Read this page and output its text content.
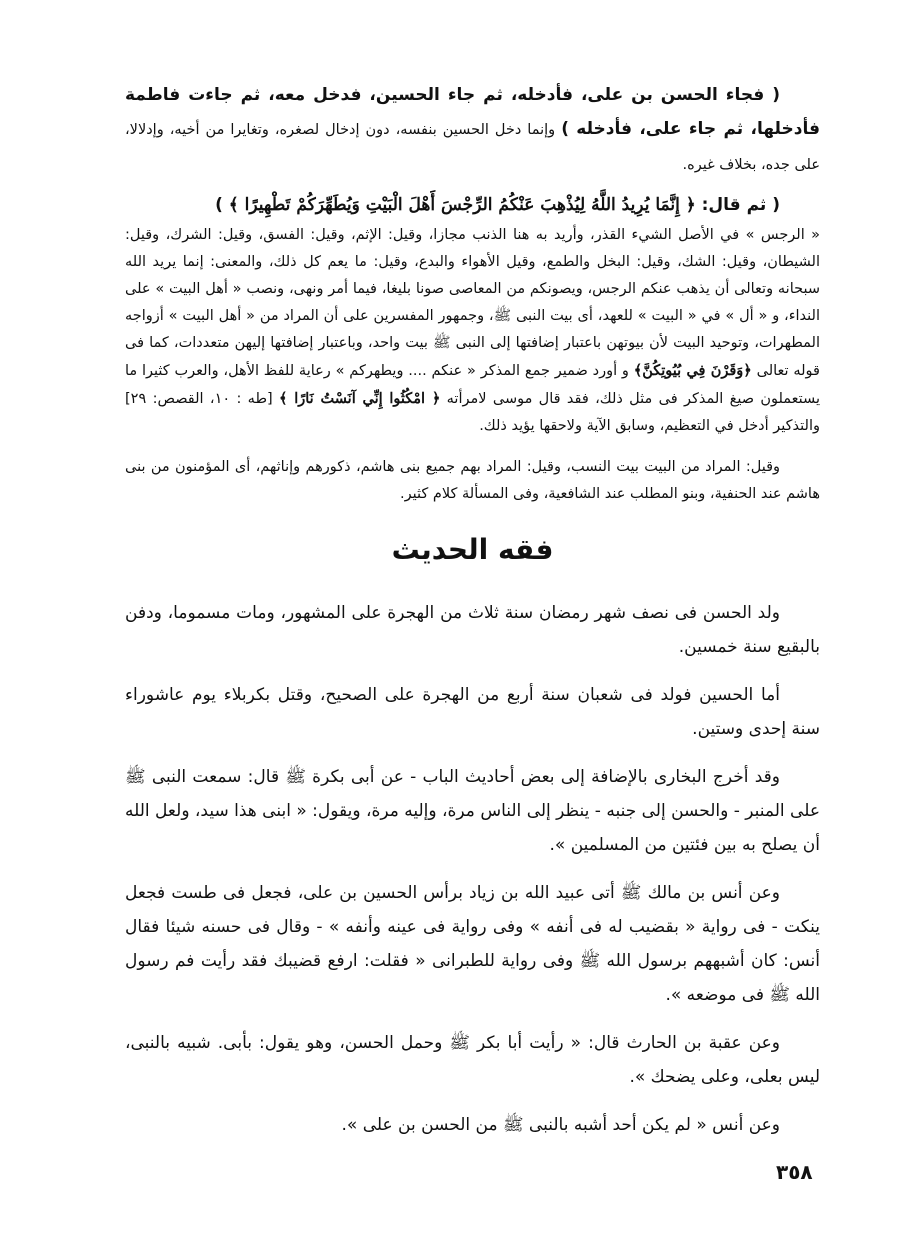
( فجاء الحسن بن على، فأدخله، ثم جاء الحسين، فدخل معه، ثم جاءت فاطمة فأدخلها، ثم جاء على، فأدخله ) وإنما دخل الحسين بنفسه، دون إدخال لصغره، وتغايرا من أخيه، وإدلالا، على جده، بخلاف غيره.

( ثم قال: ﴿ إِنَّمَا يُرِيدُ اللَّهُ لِيُذْهِبَ عَنْكُمُ الرِّجْسَ أَهْلَ الْبَيْتِ وَيُطَهِّرَكُمْ تَطْهِيرًا ﴾ )

« الرجس » في الأصل الشيء القذر، وأريد به هنا الذنب مجازا، وقيل: الإثم، وقيل: الفسق، وقيل: الشرك، وقيل: الشيطان، وقيل: الشك، وقيل: البخل والطمع، وقيل الأهواء والبدع، وقيل: ما يعم كل ذلك، والمعنى: إنما يريد الله سبحانه وتعالى أن يذهب عنكم الرجس، ويصونكم من المعاصى صونا بليغا، فيما أمر ونهى، ونصب « أهل البيت » على النداء، و « أل » في « البيت » للعهد، أى بيت النبى ﷺ، وجمهور المفسرين على أن المراد من « أهل البيت » أزواجه المطهرات، وتوحيد البيت لأن بيوتهن باعتبار إضافتها إلى النبى ﷺ بيت واحد، وباعتبار إضافتها إليهن متعددات، كما فى قوله تعالى ﴿وَقَرْنَ فِي بُيُوتِكُنَّ﴾ و أورد ضمير جمع المذكر « عنكم .... ويطهركم » رعاية للفظ الأهل، والعرب كثيرا ما يستعملون صيغ المذكر فى مثل ذلك، فقد قال موسى لامرأته ﴿ امْكُثُوا إِنِّي آنَسْتُ نَارًا ﴾ [طه : ١٠، القصص: ٢٩] والتذكير أدخل في التعظيم، وسابق الآية ولاحقها يؤيد ذلك.

وقيل: المراد من البيت بيت النسب، وقيل: المراد بهم جميع بنى هاشم، ذكورهم وإناثهم، أى المؤمنون من بنى هاشم عند الحنفية، وبنو المطلب عند الشافعية، وفى المسألة كلام كثير.

فقه الحديث

ولد الحسن فى نصف شهر رمضان سنة ثلاث من الهجرة على المشهور، ومات مسموما، ودفن بالبقيع سنة خمسين.

أما الحسين فولد فى شعبان سنة أربع من الهجرة على الصحيح، وقتل بكربلاء يوم عاشوراء سنة إحدى وستين.

وقد أخرج البخارى بالإضافة إلى بعض أحاديث الباب - عن أبى بكرة ﷺ قال: سمعت النبى ﷺ على المنبر - والحسن إلى جنبه - ينظر إلى الناس مرة، وإليه مرة، ويقول: « ابنى هذا سيد، ولعل الله أن يصلح به بين فئتين من المسلمين ».

وعن أنس بن مالك ﷺ أتى عبيد الله بن زياد برأس الحسين بن على، فجعل فى طست فجعل ينكت - فى رواية « بقضيب له فى أنفه » وفى رواية فى عينه وأنفه » - وقال فى حسنه شيئا فقال أنس: كان أشبههم برسول الله ﷺ وفى رواية للطبرانى « فقلت: ارفع قضيبك فقد رأيت فم رسول الله ﷺ فى موضعه ».

وعن عقبة بن الحارث قال: « رأيت أبا بكر ﷺ وحمل الحسن، وهو يقول: بأبى. شبيه بالنبى، ليس بعلى، وعلى يضحك ».

وعن أنس « لم يكن أحد أشبه بالنبى ﷺ من الحسن بن على ».

٣٥٨
